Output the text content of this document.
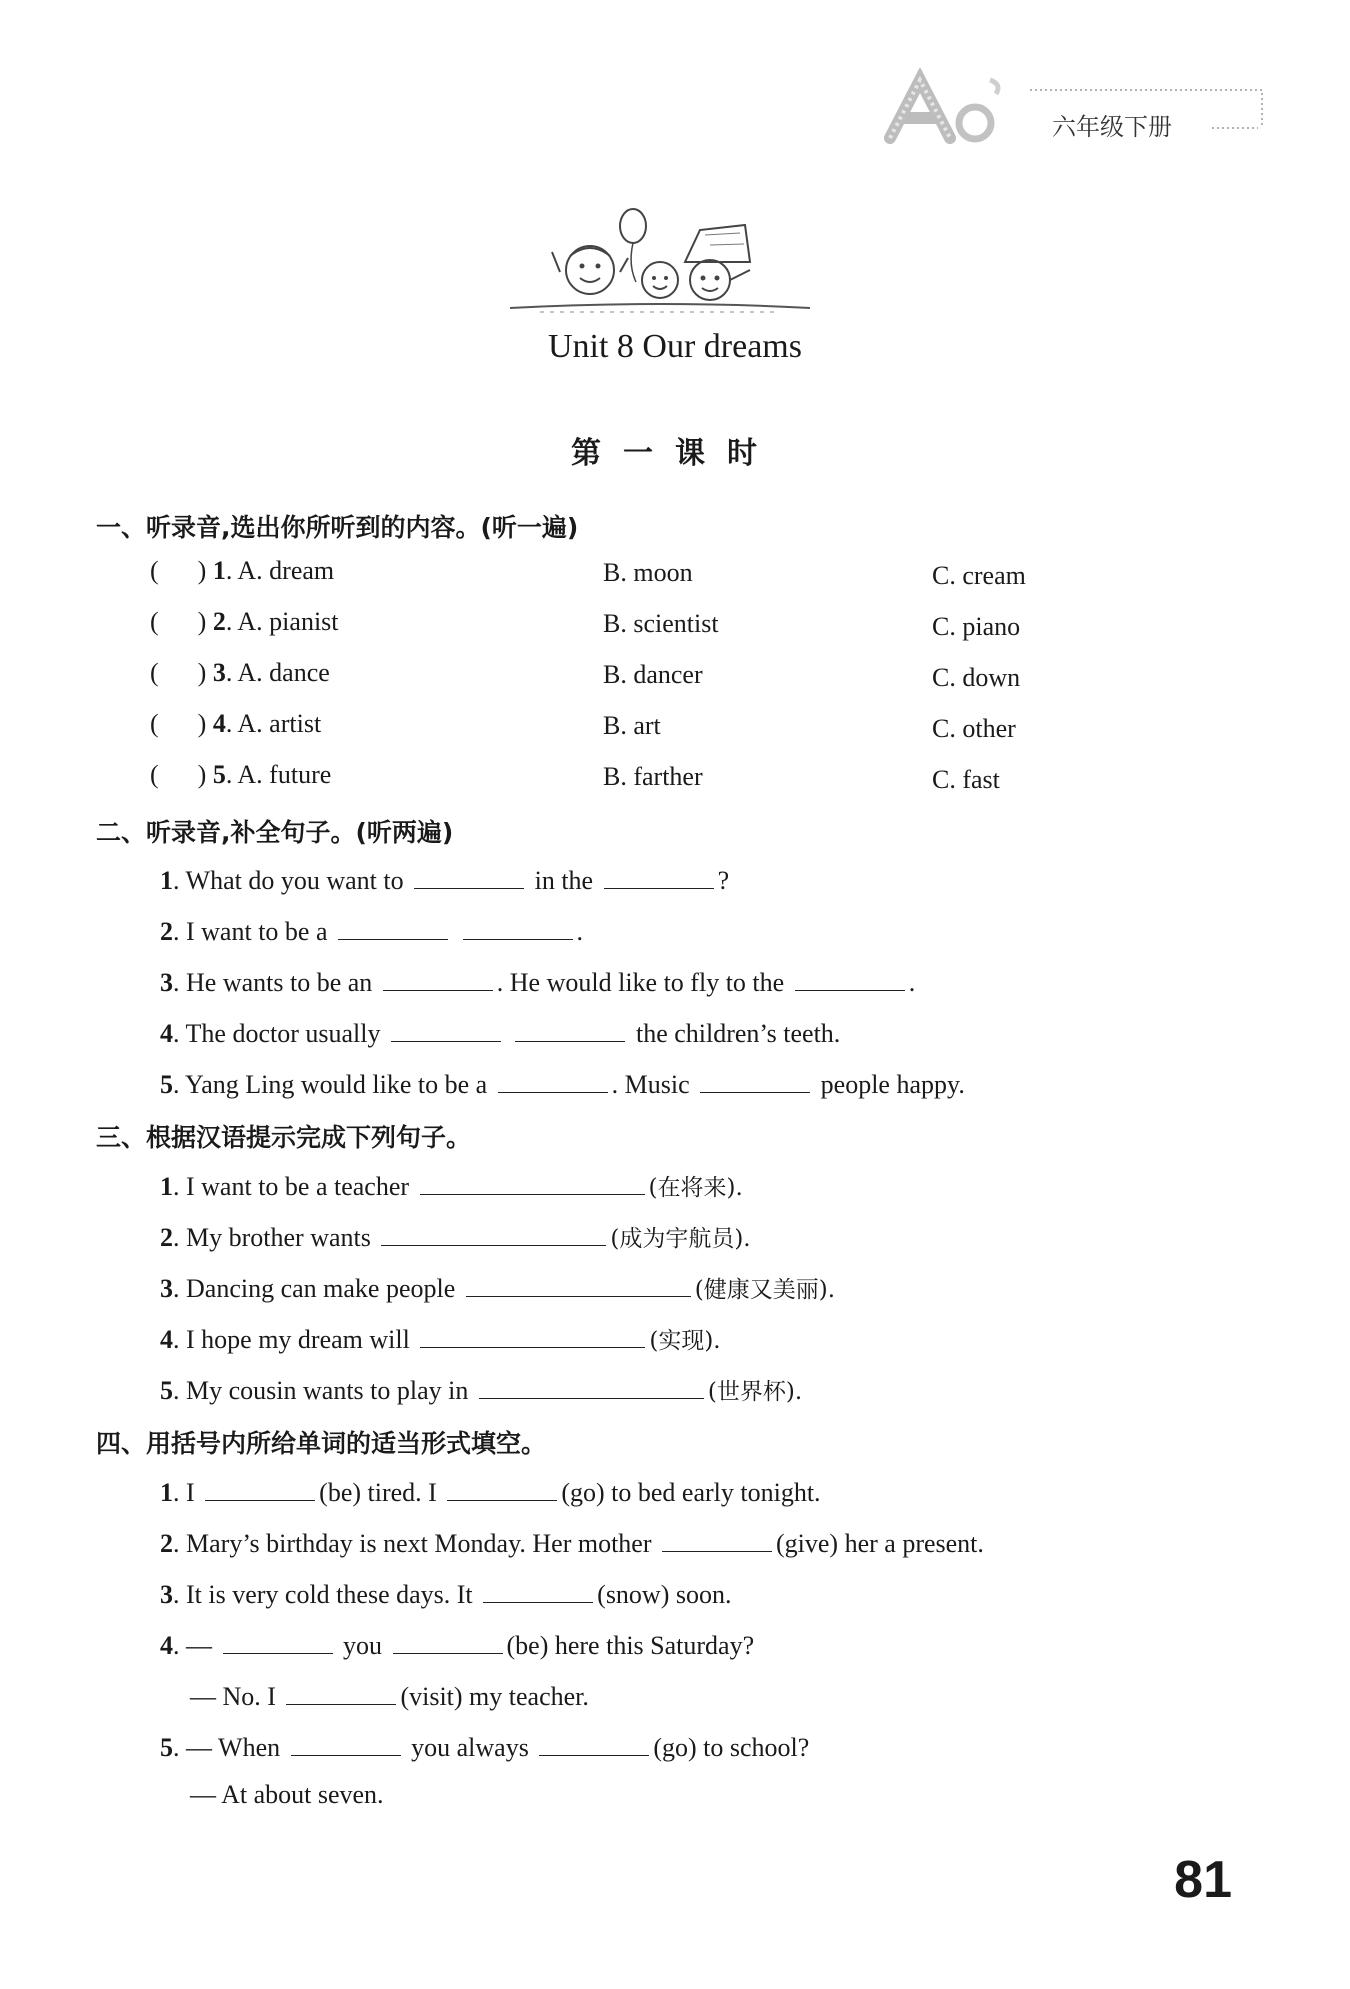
六年级下册
Unit 8 Our dreams
第一课时
一、听录音,选出你所听到的内容。(听一遍)
(      ) 1. A. dream	B. moon	C. cream
(      ) 2. A. pianist	B. scientist	C. piano
(      ) 3. A. dance	B. dancer	C. down
(      ) 4. A. artist	B. art	C. other
(      ) 5. A. future	B. farther	C. fast
二、听录音,补全句子。(听两遍)
1. What do you want to	in the	?
2. I want to be a	.
3. He wants to be an	. He would like to fly to the	.
4. The doctor usually	the children’s teeth.
5. Yang Ling would like to be a	. Music	people happy.
三、根据汉语提示完成下列句子。
1. I want to be a teacher	(在将来).
2. My brother wants	(成为宇航员).
3. Dancing can make people	(健康又美丽).
4. I hope my dream will	(实现).
5. My cousin wants to play in	(世界杯).
四、用括号内所给单词的适当形式填空。
1. I	(be) tired. I	(go) to bed early tonight.
2. Mary’s birthday is next Monday. Her mother	(give) her a present.
3. It is very cold these days. It	(snow) soon.
4. —	you	(be) here this Saturday?
— No. I	(visit) my teacher.
5. — When	you always	(go) to school?
— At about seven.
81
